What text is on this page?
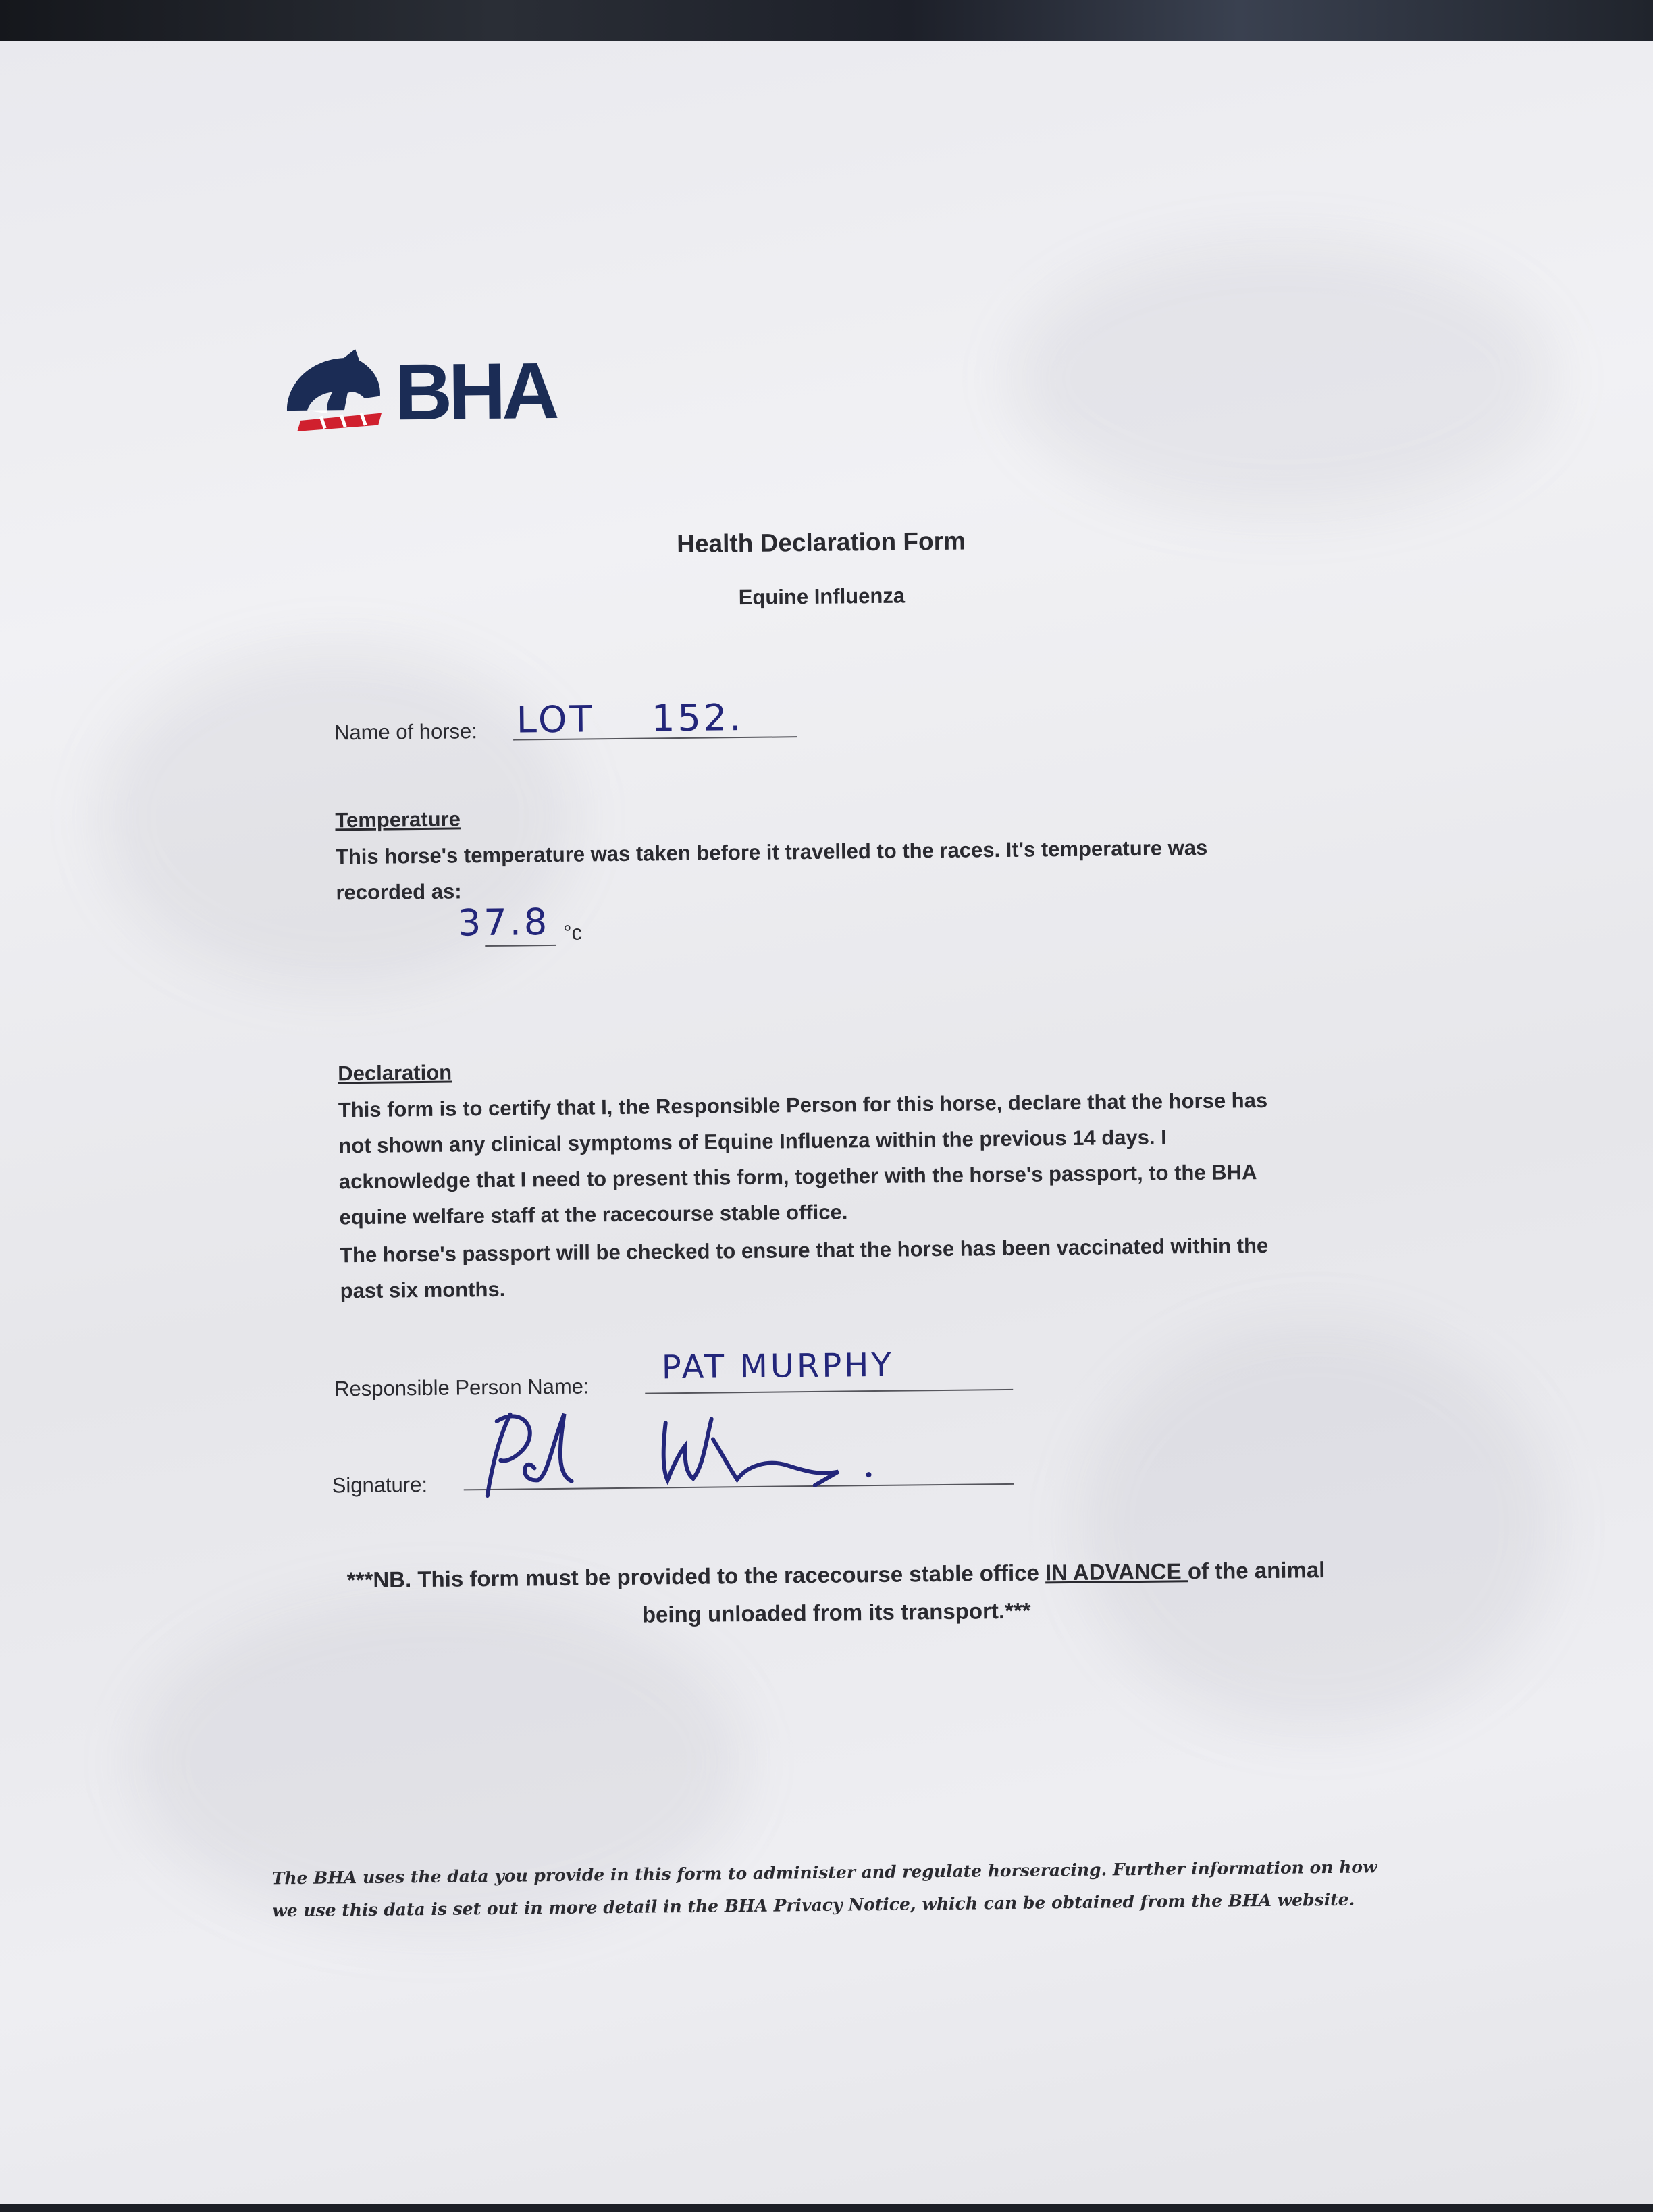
BHA
Health Declaration Form
Equine Influenza
Name of horse: LOT    152.
Temperature
This horse's temperature was taken before it travelled to the races. It's temperature was recorded as:
37.8 °c
Declaration
This form is to certify that I, the Responsible Person for this horse, declare that the horse has not shown any clinical symptoms of Equine Influenza within the previous 14 days. I acknowledge that I need to present this form, together with the horse's passport, to the BHA equine welfare staff at the racecourse stable office.
The horse's passport will be checked to ensure that the horse has been vaccinated within the past six months.
Responsible Person Name:
PAT MURPHY
Signature:
***NB. This form must be provided to the racecourse stable office IN ADVANCE of the animal being unloaded from its transport.***
The BHA uses the data you provide in this form to administer and regulate horseracing. Further information on how we use this data is set out in more detail in the BHA Privacy Notice, which can be obtained from the BHA website.
